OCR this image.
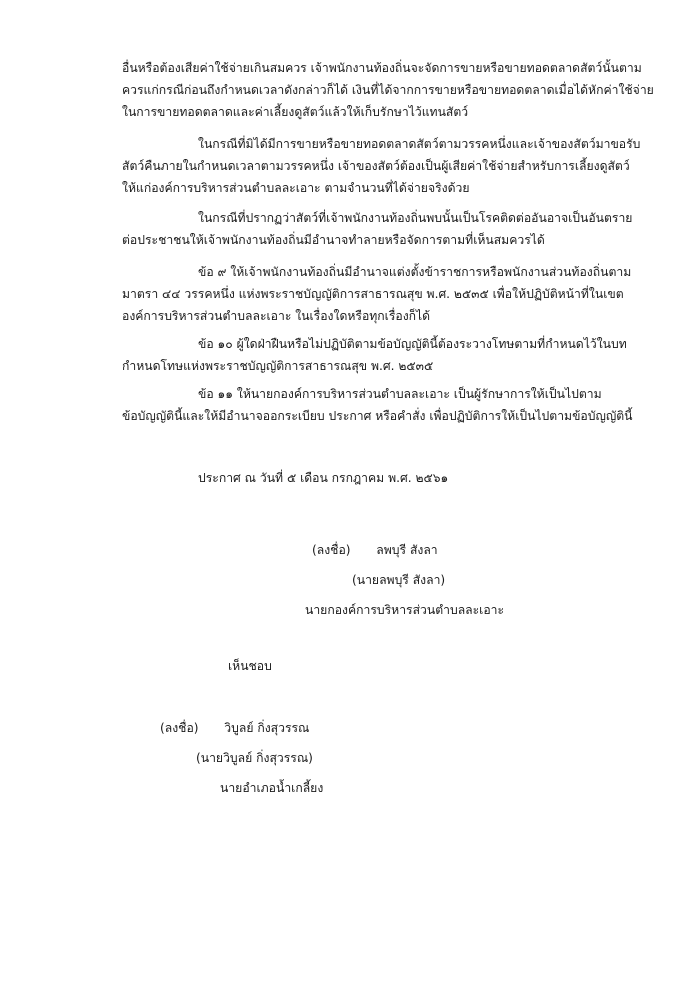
อื่นหรือต้องเสียค่าใช้จ่ายเกินสมควร เจ้าพนักงานท้องถิ่นจะจัดการขายหรือขายทอดตลาดสัตว์นั้นตาม
ควรแก่กรณีก่อนถึงกำหนดเวลาดังกล่าวก็ได้ เงินที่ได้จากการขายหรือขายทอดตลาดเมื่อได้หักค่าใช้จ่าย
ในการขายทอดตลาดและค่าเลี้ยงดูสัตว์แล้วให้เก็บรักษาไว้แทนสัตว์
ในกรณีที่มิได้มีการขายหรือขายทอดตลาดสัตว์ตามวรรคหนึ่งและเจ้าของสัตว์มาขอรับ
สัตว์คืนภายในกำหนดเวลาตามวรรคหนึ่ง เจ้าของสัตว์ต้องเป็นผู้เสียค่าใช้จ่ายสำหรับการเลี้ยงดูสัตว์
ให้แก่องค์การบริหารส่วนตำบลละเอาะ ตามจำนวนที่ได้จ่ายจริงด้วย
ในกรณีที่ปรากฏว่าสัตว์ที่เจ้าพนักงานท้องถิ่นพบนั้นเป็นโรคติดต่ออันอาจเป็นอันตราย
ต่อประชาชนให้เจ้าพนักงานท้องถิ่นมีอำนาจทำลายหรือจัดการตามที่เห็นสมควรได้
ข้อ ๙ ให้เจ้าพนักงานท้องถิ่นมีอำนาจแต่งตั้งข้าราชการหรือพนักงานส่วนท้องถิ่นตาม
มาตรา ๔๔ วรรคหนึ่ง แห่งพระราชบัญญัติการสาธารณสุข พ.ศ. ๒๕๓๕ เพื่อให้ปฏิบัติหน้าที่ในเขต
องค์การบริหารส่วนตำบลละเอาะ ในเรื่องใดหรือทุกเรื่องก็ได้
ข้อ ๑๐ ผู้ใดฝ่าฝืนหรือไม่ปฏิบัติตามข้อบัญญัตินี้ต้องระวางโทษตามที่กำหนดไว้ในบท
กำหนดโทษแห่งพระราชบัญญัติการสาธารณสุข พ.ศ. ๒๕๓๕
ข้อ ๑๑ ให้นายกองค์การบริหารส่วนตำบลละเอาะ เป็นผู้รักษาการให้เป็นไปตาม
ข้อบัญญัตินี้และให้มีอำนาจออกระเบียบ ประกาศ หรือคำสั่ง เพื่อปฏิบัติการให้เป็นไปตามข้อบัญญัตินี้
ประกาศ ณ วันที่ ๕ เดือน กรกฎาคม พ.ศ. ๒๕๖๑
(ลงชื่อ) ลพบุรี สังลา
(นายลพบุรี สังลา)
นายกองค์การบริหารส่วนตำบลละเอาะ
เห็นชอบ
(ลงชื่อ) วิบูลย์ กิ่งสุวรรณ
(นายวิบูลย์ กิ่งสุวรรณ)
นายอำเภอน้ำเกลี้ยง
